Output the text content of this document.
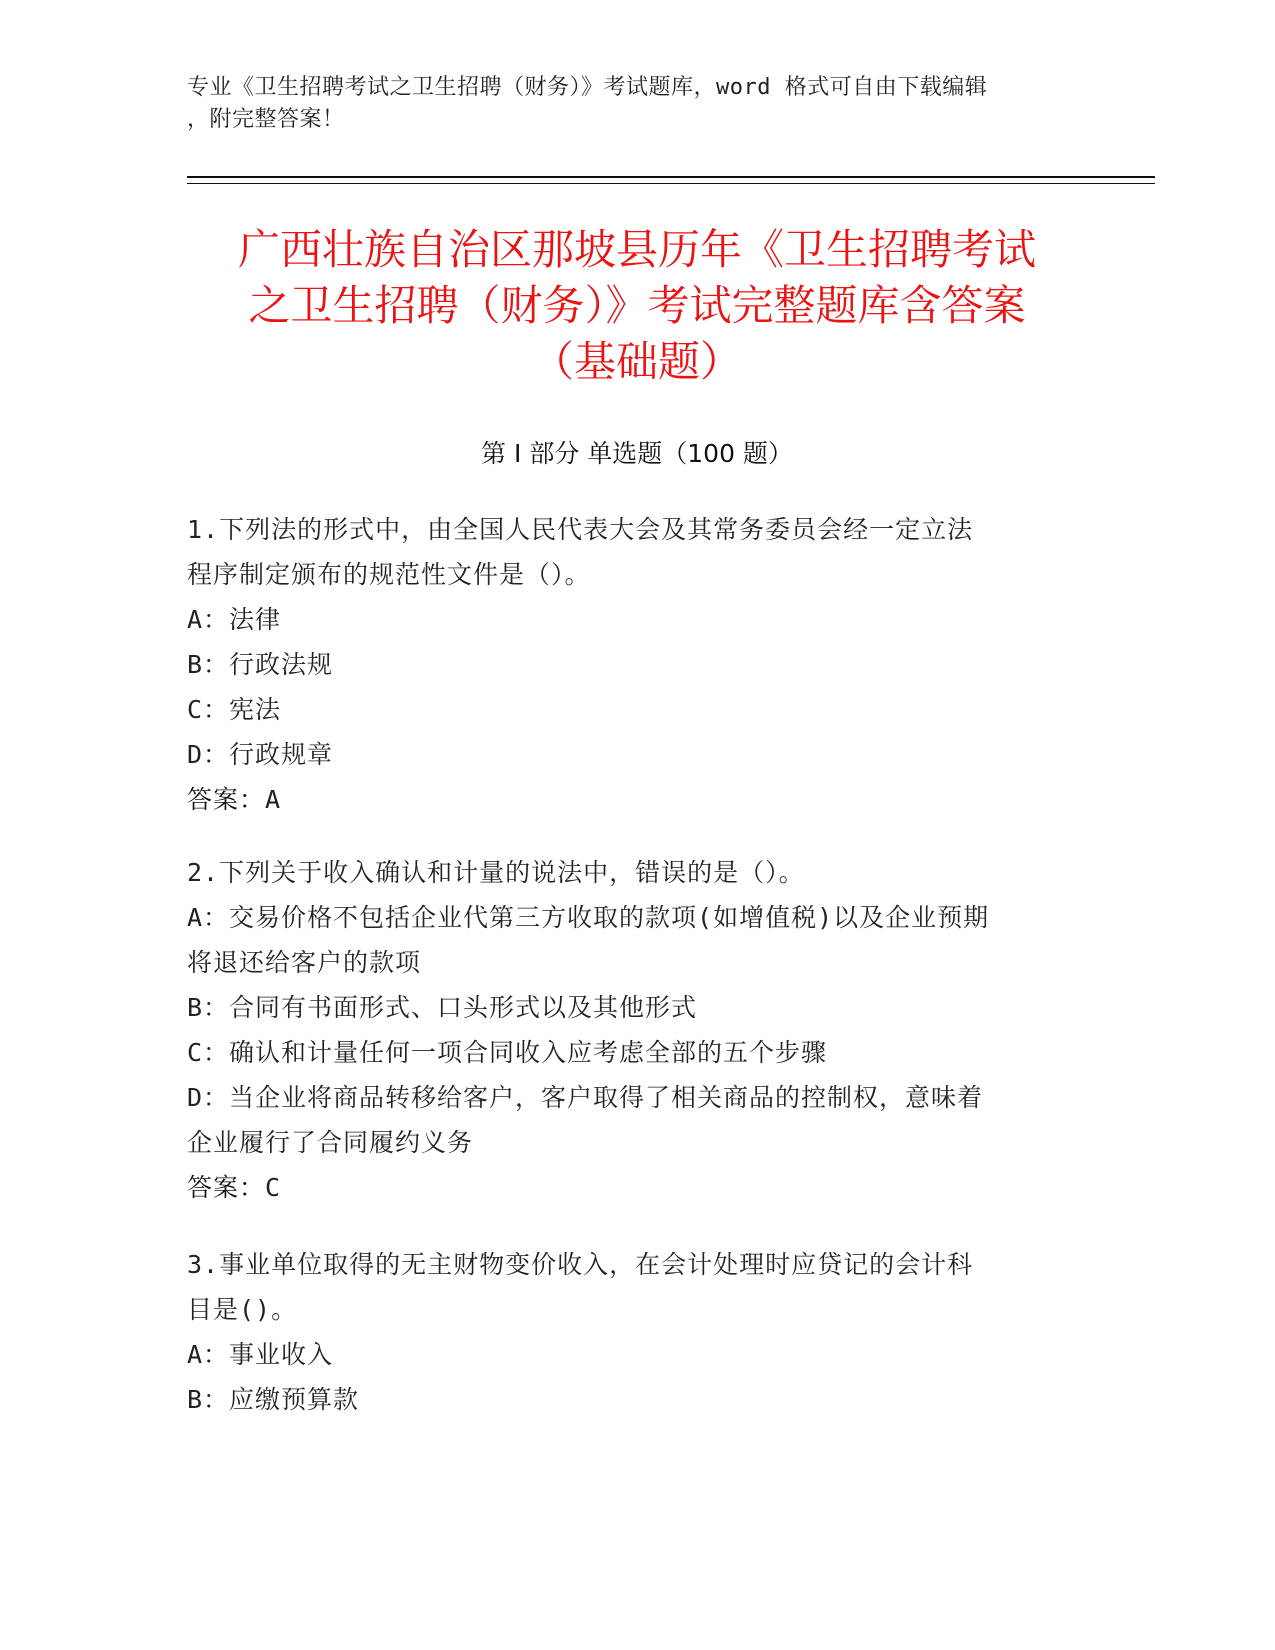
专业《卫生招聘考试之卫生招聘（财务）》考试题库，word 格式可自由下载编辑
，附完整答案！
广西壮族自治区那坡县历年《卫生招聘考试
之卫生招聘（财务）》考试完整题库含答案
（基础题）
第 I 部分 单选题（100 题）
1.下列法的形式中，由全国人民代表大会及其常务委员会经一定立法
程序制定颁布的规范性文件是（）。
A：法律
B：行政法规
C：宪法
D：行政规章
答案：A
2.下列关于收入确认和计量的说法中，错误的是（）。
A：交易价格不包括企业代第三方收取的款项(如增值税)以及企业预期
将退还给客户的款项
B：合同有书面形式、口头形式以及其他形式
C：确认和计量任何一项合同收入应考虑全部的五个步骤
D：当企业将商品转移给客户，客户取得了相关商品的控制权，意味着
企业履行了合同履约义务
答案：C
3.事业单位取得的无主财物变价收入，在会计处理时应贷记的会计科
目是()。
A：事业收入
B：应缴预算款
